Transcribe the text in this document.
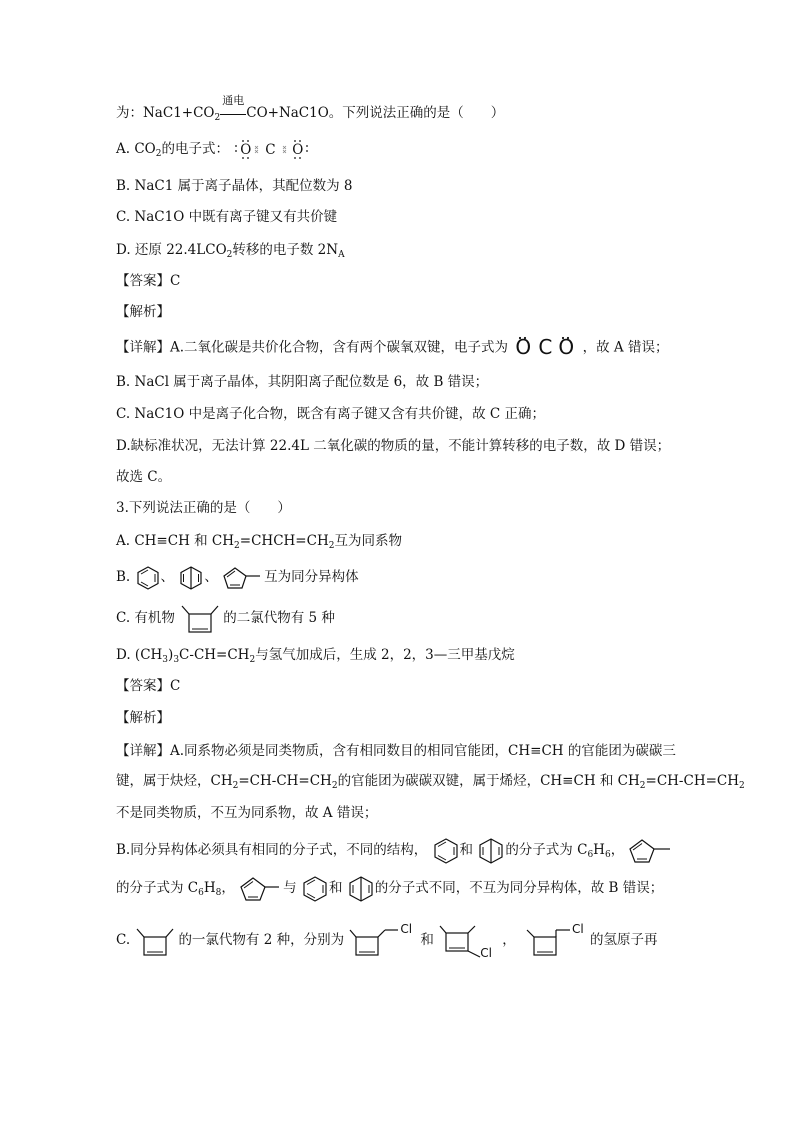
为：$NaC1+CO_2$
通电
CO+NaC1O。下列说法正确的是（　　）
A. $CO_2$的电子式： O C O
B. NaC1 属于离子晶体，其配位数为 8
C. NaC1O 中既有离子键又有共价键
D. 还原 $22.4LCO_2$转移的电子数 $2N_A$
【答案】C
【解析】
【详解】A.二氧化碳是共价化合物，含有两个碳氧双键，电子式为 O C O ，故 A 错误；
B. NaCl 属于离子晶体，其阴阳离子配位数是 6，故 B 错误；
C. NaC1O 中是离子化合物，既含有离子键又含有共价键，故 C 正确；
D.缺标准状况，无法计算 22.4L 二氧化碳的物质的量，不能计算转移的电子数，故 D 错误；
故选 C。
3.下列说法正确的是（　　）
A. CH≡CH 和 $CH_2=CHCH=CH_2$互为同系物
B. 、 、	互为同分异构体
C. 有机物	的二氯代物有 5 种
D. $(CH_3)_3C-CH=CH_2$与氢气加成后，生成 2，2，3—三甲基戊烷
【答案】C
【解析】
【详解】A.同系物必须是同类物质，含有相同数目的相同官能团，CH≡CH 的官能团为碳碳三
键，属于炔烃，$CH_2=CH-CH=CH_2$的官能团为碳碳双键，属于烯烃，CH≡CH 和 $CH_2=CH-CH=CH_2$
不是同类物质，不互为同系物，故 A 错误；
B.同分异构体必须具有相同的分子式，不同的结构， 和 的分子式为 $C_6H_6$，
的分子式为 $C_6H_8$，	与 和 的分子式不同，不互为同分异构体，故 B 错误；
C.	的一氯代物有 2 种，分别为
Cl
和
Cl
，
Cl
的氢原子再
